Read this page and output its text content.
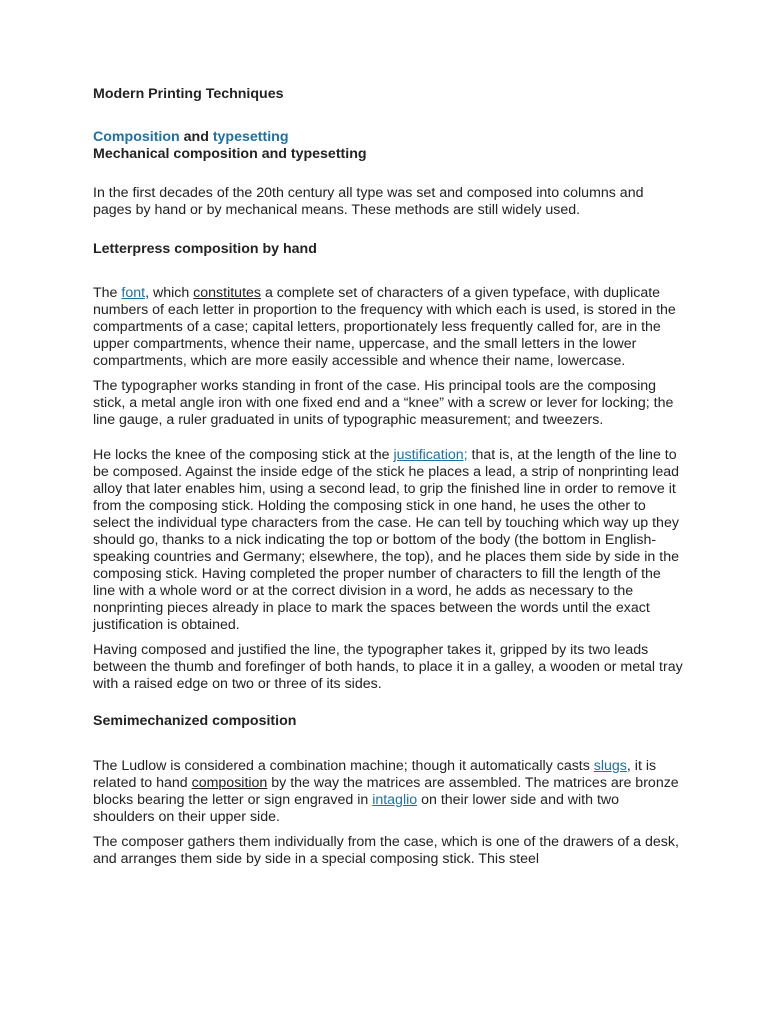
Modern Printing Techniques
Composition and typesetting
Mechanical composition and typesetting

In the first decades of the 20th century all type was set and composed into columns and pages by hand or by mechanical means. These methods are still widely used.

Letterpress composition by hand

The font, which constitutes a complete set of characters of a given typeface, with duplicate numbers of each letter in proportion to the frequency with which each is used, is stored in the compartments of a case; capital letters, proportionately less frequently called for, are in the upper compartments, whence their name, uppercase, and the small letters in the lower compartments, which are more easily accessible and whence their name, lowercase.

The typographer works standing in front of the case. His principal tools are the composing stick, a metal angle iron with one fixed end and a “knee” with a screw or lever for locking; the line gauge, a ruler graduated in units of typographic measurement; and tweezers.

He locks the knee of the composing stick at the justification; that is, at the length of the line to be composed. Against the inside edge of the stick he places a lead, a strip of nonprinting lead alloy that later enables him, using a second lead, to grip the finished line in order to remove it from the composing stick. Holding the composing stick in one hand, he uses the other to select the individual type characters from the case. He can tell by touching which way up they should go, thanks to a nick indicating the top or bottom of the body (the bottom in English-speaking countries and Germany; elsewhere, the top), and he places them side by side in the composing stick. Having completed the proper number of characters to fill the length of the line with a whole word or at the correct division in a word, he adds as necessary to the nonprinting pieces already in place to mark the spaces between the words until the exact justification is obtained.

Having composed and justified the line, the typographer takes it, gripped by its two leads between the thumb and forefinger of both hands, to place it in a galley, a wooden or metal tray with a raised edge on two or three of its sides.

Semimechanized composition

The Ludlow is considered a combination machine; though it automatically casts slugs, it is related to hand composition by the way the matrices are assembled. The matrices are bronze blocks bearing the letter or sign engraved in intaglio on their lower side and with two shoulders on their upper side.

The composer gathers them individually from the case, which is one of the drawers of a desk, and arranges them side by side in a special composing stick. This steel
